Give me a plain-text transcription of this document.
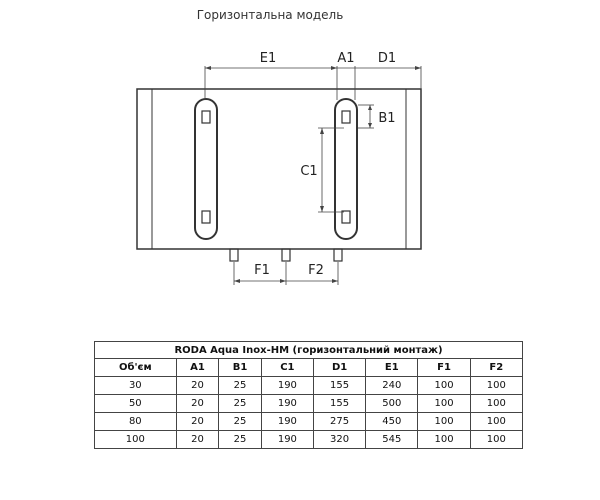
Горизонтальна модель
E1	A1 D1
B1
C1
F1	F2
RODA Aqua Inox-HM (горизонтальний монтаж)							
Об'єм	A1	B1	C1	D1	E1	F1	F2
30	20	25	190	155	240	100	100
50	20	25	190	155	500	100	100
80	20	25	190	275	450	100	100
100	20	25	190	320	545	100	100
